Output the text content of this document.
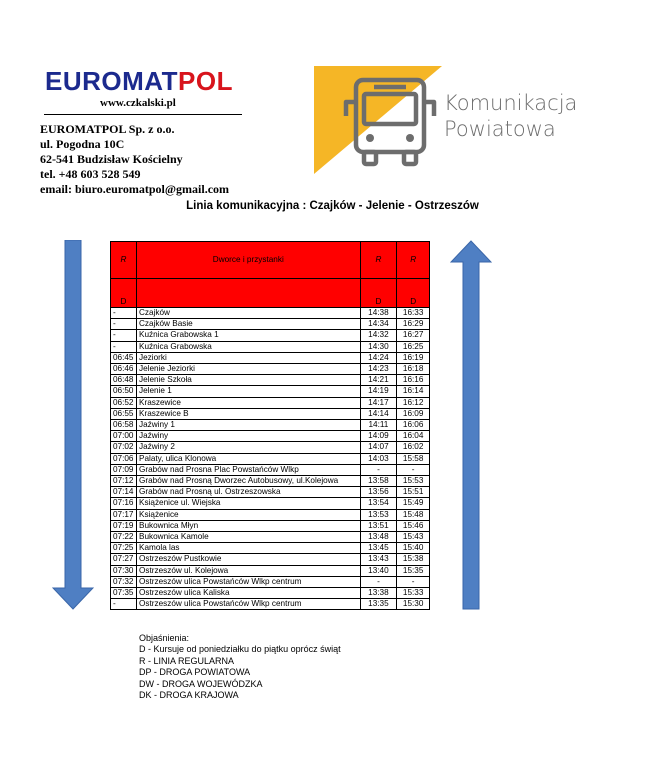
EUROMATPOL
www.czkalski.pl
EUROMATPOL Sp. z o.o.
ul. Pogodna 10C
62-541 Budzisław Kościelny
tel. +48 603 528 549
email: biuro.euromatpol@gmail.com
Komunikacja
Powiatowa
Linia komunikacyjna : Czajków - Jelenie - Ostrzeszów
R	Dworce i przystanki	R	R
D		D	D
-	Czajków	14:38	16:33
-	Czajków Basie	14:34	16:29
-	Kuźnica Grabowska 1	14:32	16:27
-	Kuźnica Grabowska	14:30	16:25
06:45	Jeziorki	14:24	16:19
06:46	Jelenie Jeziorki	14:23	16:18
06:48	Jelenie Szkoła	14:21	16:16
06:50	Jelenie 1	14:19	16:14
06:52	Kraszewice	14:17	16:12
06:55	Kraszewice B	14:14	16:09
06:58	Jaźwiny 1	14:11	16:06
07:00	Jaźwiny	14:09	16:04
07:02	Jaźwiny 2	14:07	16:02
07:06	Palaty, ulica Klonowa	14:03	15:58
07:09	Grabów nad Prosna Plac Powstańców Wlkp	-	-
07:12	Grabów nad Prosną Dworzec Autobusowy, ul.Kolejowa	13:58	15:53
07:14	Grabów nad Prosną ul. Ostrzeszowska	13:56	15:51
07:16	Książenice ul. Wiejska	13:54	15:49
07:17	Książenice	13:53	15:48
07:19	Bukownica Młyn	13:51	15:46
07:22	Bukownica Kamole	13:48	15:43
07:25	Kamola las	13:45	15:40
07:27	Ostrzeszów Pustkowie	13:43	15:38
07:30	Ostrzeszów ul. Kolejowa	13:40	15:35
07:32	Ostrzeszów ulica Powstańców Wlkp centrum	-	-
07:35	Ostrzeszów ulica Kaliska	13:38	15:33
-	Ostrzeszów ulica Powstańców Wlkp centrum	13:35	15:30
Objaśnienia:
D - Kursuje od poniedziałku do piątku oprócz świąt
R - LINIA REGULARNA
DP - DROGA POWIATOWA
DW - DROGA WOJEWÓDZKA
DK - DROGA KRAJOWA
